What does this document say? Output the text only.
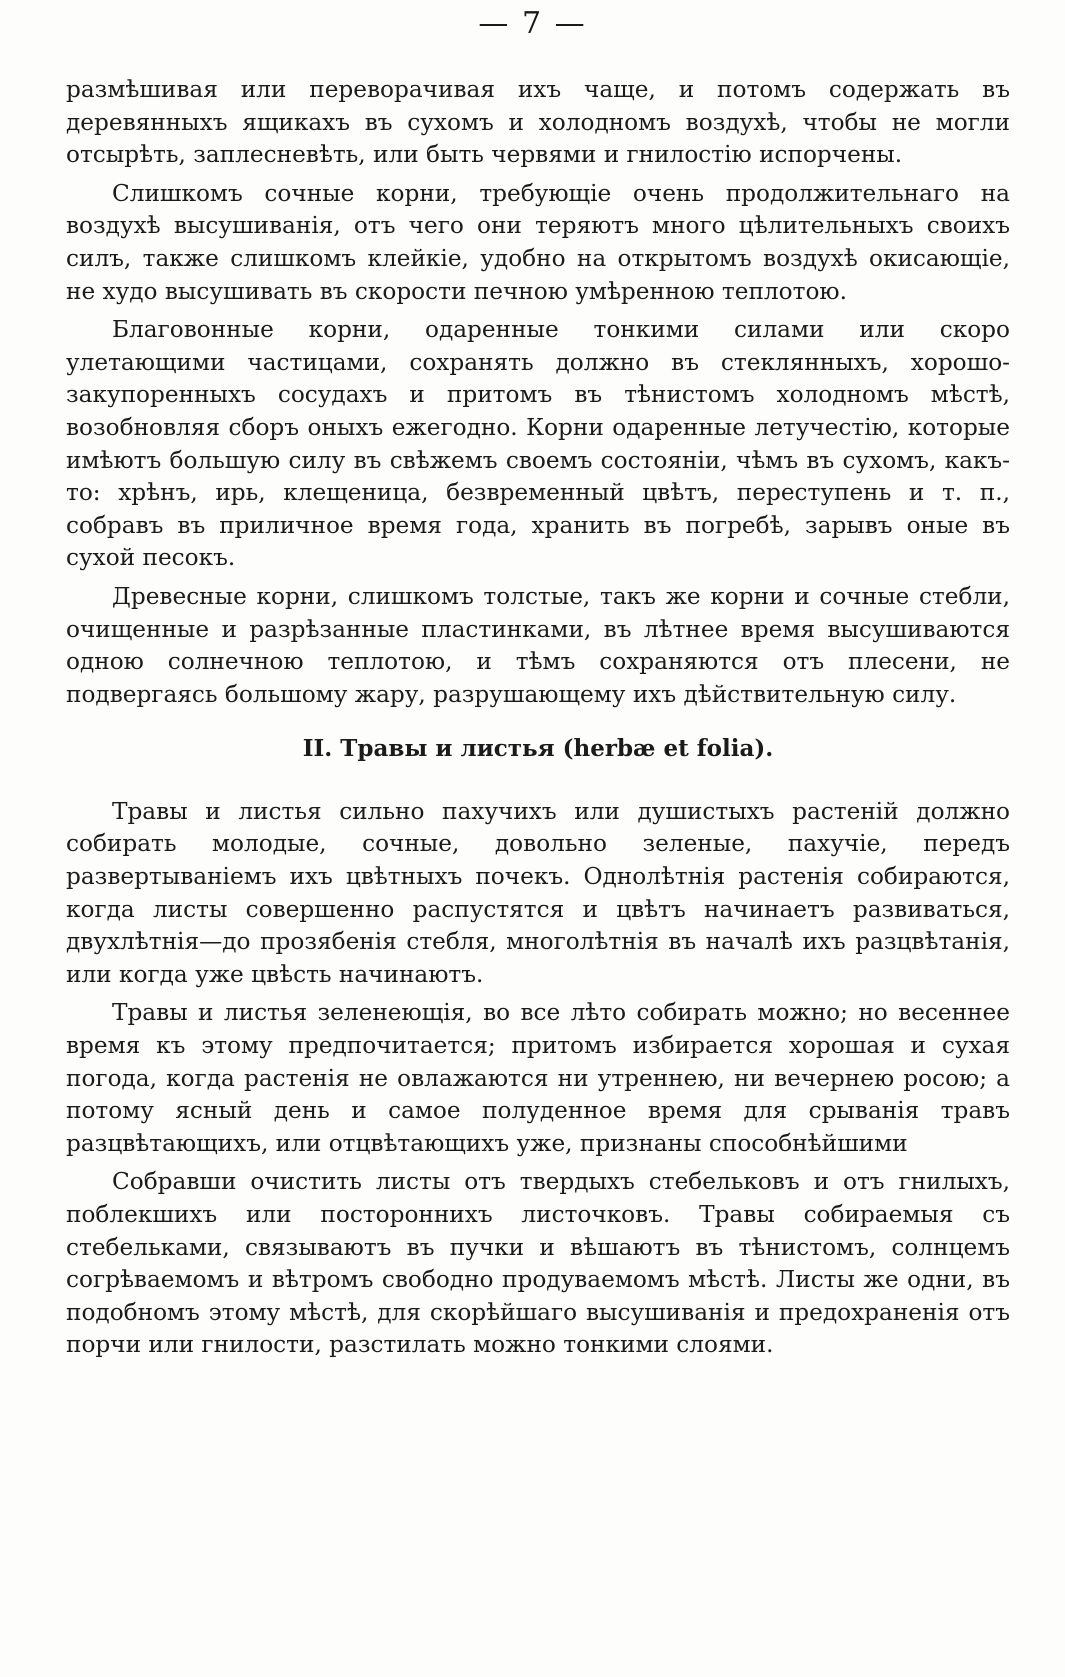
— 7 —

размѣшивая или переворачивая ихъ чаще, и потомъ содержать въ деревянныхъ ящикахъ въ сухомъ и холодномъ воздухѣ, чтобы не могли отсырѣть, заплесневѣть, или быть червями и гнилостію испорчены.

Слишкомъ сочные корни, требующіе очень продолжительнаго на воздухѣ высушиванія, отъ чего они теряютъ много цѣлительныхъ своихъ силъ, также слишкомъ клейкіе, удобно на открытомъ воздухѣ окисающіе, не худо высушивать въ скорости печною умѣренною теплотою.

Благовонные корни, одаренные тонкими силами или скоро улетающими частицами, сохранять должно въ стеклянныхъ, хорошо-закупоренныхъ сосудахъ и притомъ въ тѣнистомъ холодномъ мѣстѣ, возобновляя сборъ оныхъ ежегодно. Корни одаренные летучестію, которые имѣютъ большую силу въ свѣжемъ своемъ состояніи, чѣмъ въ сухомъ, какъ-то: хрѣнъ, ирь, клещеница, безвременный цвѣтъ, переступень и т. п., собравъ въ приличное время года, хранить въ погребѣ, зарывъ оные въ сухой песокъ.

Древесные корни, слишкомъ толстые, такъ же корни и сочные стебли, очищенные и разрѣзанные пластинками, въ лѣтнее время высушиваются одною солнечною теплотою, и тѣмъ сохраняются отъ плесени, не подвергаясь большому жару, разрушающему ихъ дѣйствительную силу.

II. Травы и листья (herbæ et folia).

Травы и листья сильно пахучихъ или душистыхъ растеній должно собирать молодые, сочные, довольно зеленые, пахучіе, передъ развертываніемъ ихъ цвѣтныхъ почекъ. Однолѣтнія растенія собираются, когда листы совершенно распустятся и цвѣтъ начинаетъ развиваться, двухлѣтнія—до прозябенія стебля, многолѣтнія въ началѣ ихъ разцвѣтанія, или когда уже цвѣсть начинаютъ.

Травы и листья зеленеющія, во все лѣто собирать можно; но весеннее время къ этому предпочитается; притомъ избирается хорошая и сухая погода, когда растенія не овлажаются ни утреннею, ни вечернею росою; а потому ясный день и самое полуденное время для срыванія травъ разцвѣтающихъ, или отцвѣтающихъ уже, признаны способнѣйшими

Собравши очистить листы отъ твердыхъ стебельковъ и отъ гнилыхъ, поблекшихъ или постороннихъ листочковъ. Травы собираемыя съ стебельками, связываютъ въ пучки и вѣшаютъ въ тѣнистомъ, солнцемъ согрѣваемомъ и вѣтромъ свободно продуваемомъ мѣстѣ. Листы же одни, въ подобномъ этому мѣстѣ, для скорѣйшаго высушиванія и предохраненія отъ порчи или гнилости, разстилать можно тонкими слоями.
